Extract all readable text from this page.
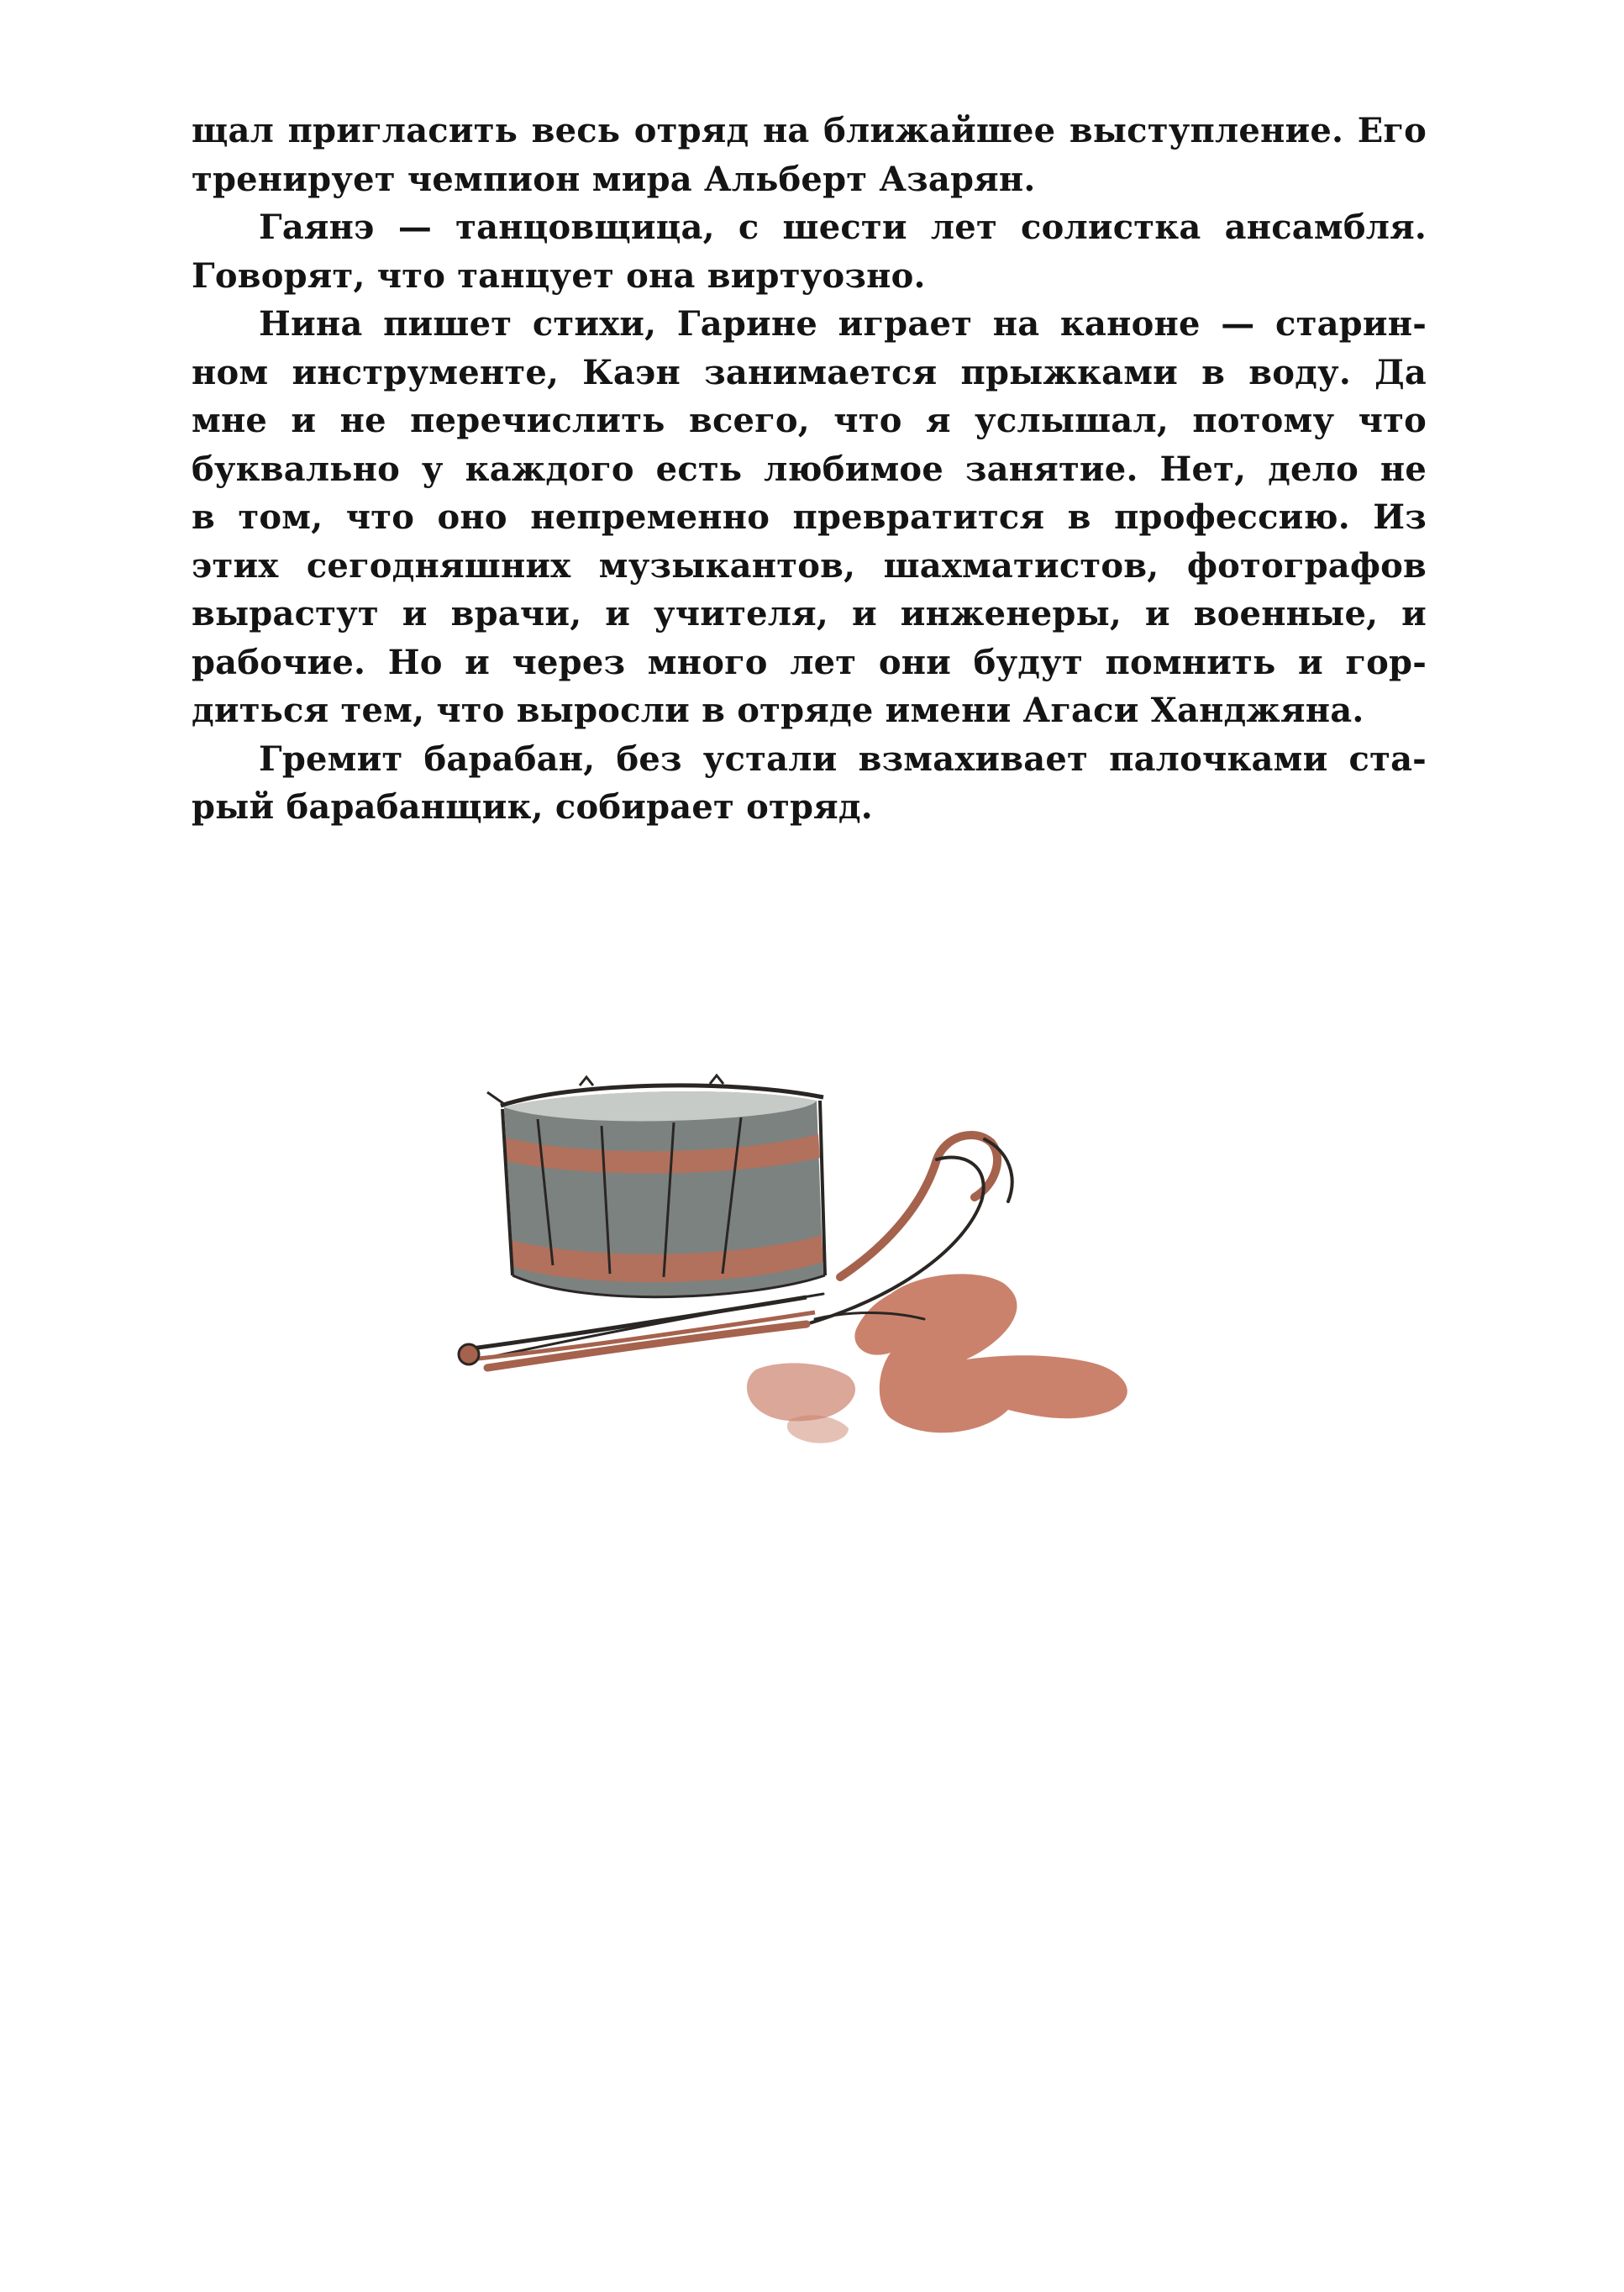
щал пригласить весь отряд на ближайшее выступление. Его

тренирует чемпион мира Альберт Азарян.

Гаянэ — танцовщица, с шести лет солистка ансамбля.

Говорят, что танцует она виртуозно.

Нина пишет стихи, Гарине играет на каноне — старин-

ном инструменте, Каэн занимается прыжками в воду. Да

мне и не перечислить всего, что я услышал, потому что

буквально у каждого есть любимое занятие. Нет, дело не

в том, что оно непременно превратится в профессию. Из

этих сегодняшних музыкантов, шахматистов, фотографов

вырастут и врачи, и учителя, и инженеры, и военные, и

рабочие. Но и через много лет они будут помнить и гор-

диться тем, что выросли в отряде имени Агаси Ханджяна.

Гремит барабан, без устали взмахивает палочками ста-

рый барабанщик, собирает отряд.
